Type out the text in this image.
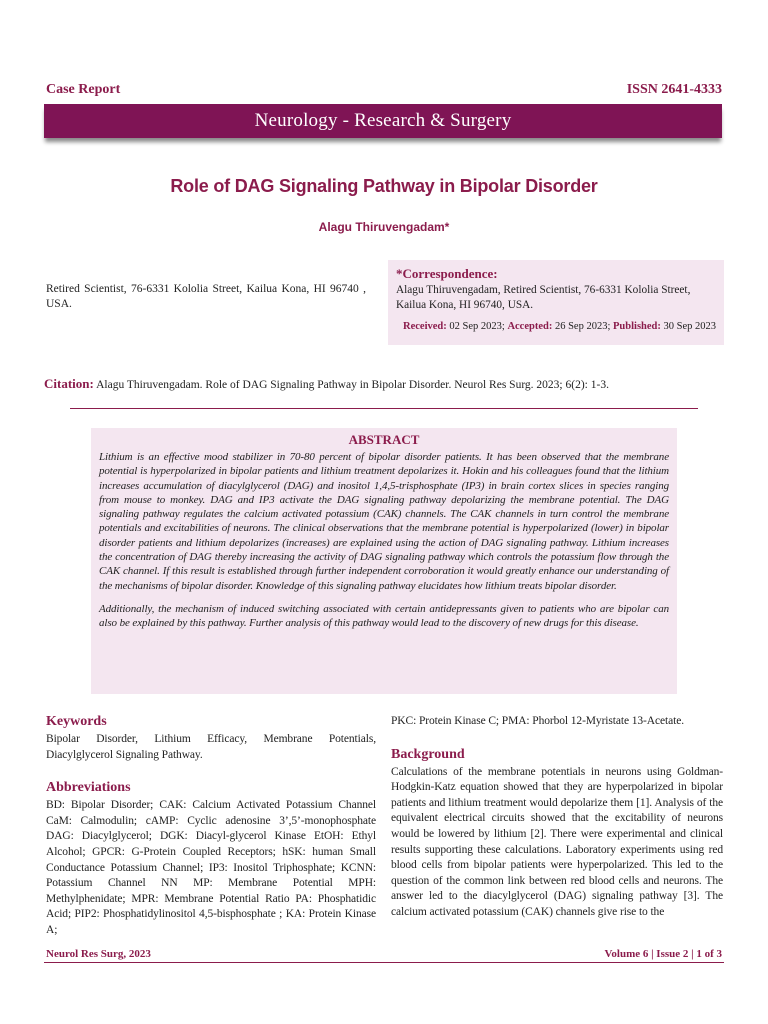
Case Report	ISSN 2641-4333
Neurology - Research & Surgery
Role of DAG Signaling Pathway in Bipolar Disorder
Alagu Thiruvengadam*
Retired Scientist, 76-6331 Kololia Street, Kailua Kona, HI 96740 , USA.
*Correspondence:
Alagu Thiruvengadam, Retired Scientist, 76-6331 Kololia Street, Kailua Kona, HI 96740, USA.
Received: 02 Sep 2023; Accepted: 26 Sep 2023; Published: 30 Sep 2023
Citation: Alagu Thiruvengadam. Role of DAG Signaling Pathway in Bipolar Disorder. Neurol Res Surg. 2023; 6(2): 1-3.
ABSTRACT

Lithium is an effective mood stabilizer in 70-80 percent of bipolar disorder patients. It has been observed that the membrane potential is hyperpolarized in bipolar patients and lithium treatment depolarizes it. Hokin and his colleagues found that the lithium increases accumulation of diacylglycerol (DAG) and inositol 1,4,5-trisphosphate (IP3) in brain cortex slices in species ranging from mouse to monkey. DAG and IP3 activate the DAG signaling pathway depolarizing the membrane potential. The DAG signaling pathway regulates the calcium activated potassium (CAK) channels. The CAK channels in turn control the membrane potentials and excitabilities of neurons. The clinical observations that the membrane potential is hyperpolarized (lower) in bipolar disorder patients and lithium depolarizes (increases) are explained using the action of DAG signaling pathway. Lithium increases the concentration of DAG thereby increasing the activity of DAG signaling pathway which controls the potassium flow through the CAK channel. If this result is established through further independent corroboration it would greatly enhance our understanding of the mechanisms of bipolar disorder. Knowledge of this signaling pathway elucidates how lithium treats bipolar disorder.

Additionally, the mechanism of induced switching associated with certain antidepressants given to patients who are bipolar can also be explained by this pathway. Further analysis of this pathway would lead to the discovery of new drugs for this disease.

Keywords

Bipolar Disorder, Lithium Efficacy, Membrane Potentials, Diacylglycerol Signaling Pathway.

Abbreviations

BD: Bipolar Disorder; CAK: Calcium Activated Potassium Channel CaM: Calmodulin; cAMP: Cyclic adenosine 3’,5’-monophosphate DAG: Diacylglycerol; DGK: Diacyl-glycerol Kinase EtOH: Ethyl Alcohol; GPCR: G-Protein Coupled Receptors; hSK: human Small Conductance Potassium Channel; IP3: Inositol Triphosphate; KCNN: Potassium Channel NN MP: Membrane Potential MPH: Methylphenidate; MPR: Membrane Potential Ratio PA: Phosphatidic Acid; PIP2: Phosphatidylinositol 4,5-bisphosphate ; KA: Protein Kinase A;

PKC: Protein Kinase C; PMA: Phorbol 12-Myristate 13-Acetate.

Background

Calculations of the membrane potentials in neurons using Goldman-Hodgkin-Katz equation showed that they are hyperpolarized in bipolar patients and lithium treatment would depolarize them [1]. Analysis of the equivalent electrical circuits showed that the excitability of neurons would be lowered by lithium [2]. There were experimental and clinical results supporting these calculations. Laboratory experiments using red blood cells from bipolar patients were hyperpolarized. This led to the question of the common link between red blood cells and neurons. The answer led to the diacylglycerol (DAG) signaling pathway [3]. The calcium activated potassium (CAK) channels give rise to the

Neurol Res Surg, 2023	Volume 6 | Issue 2 | 1 of 3
